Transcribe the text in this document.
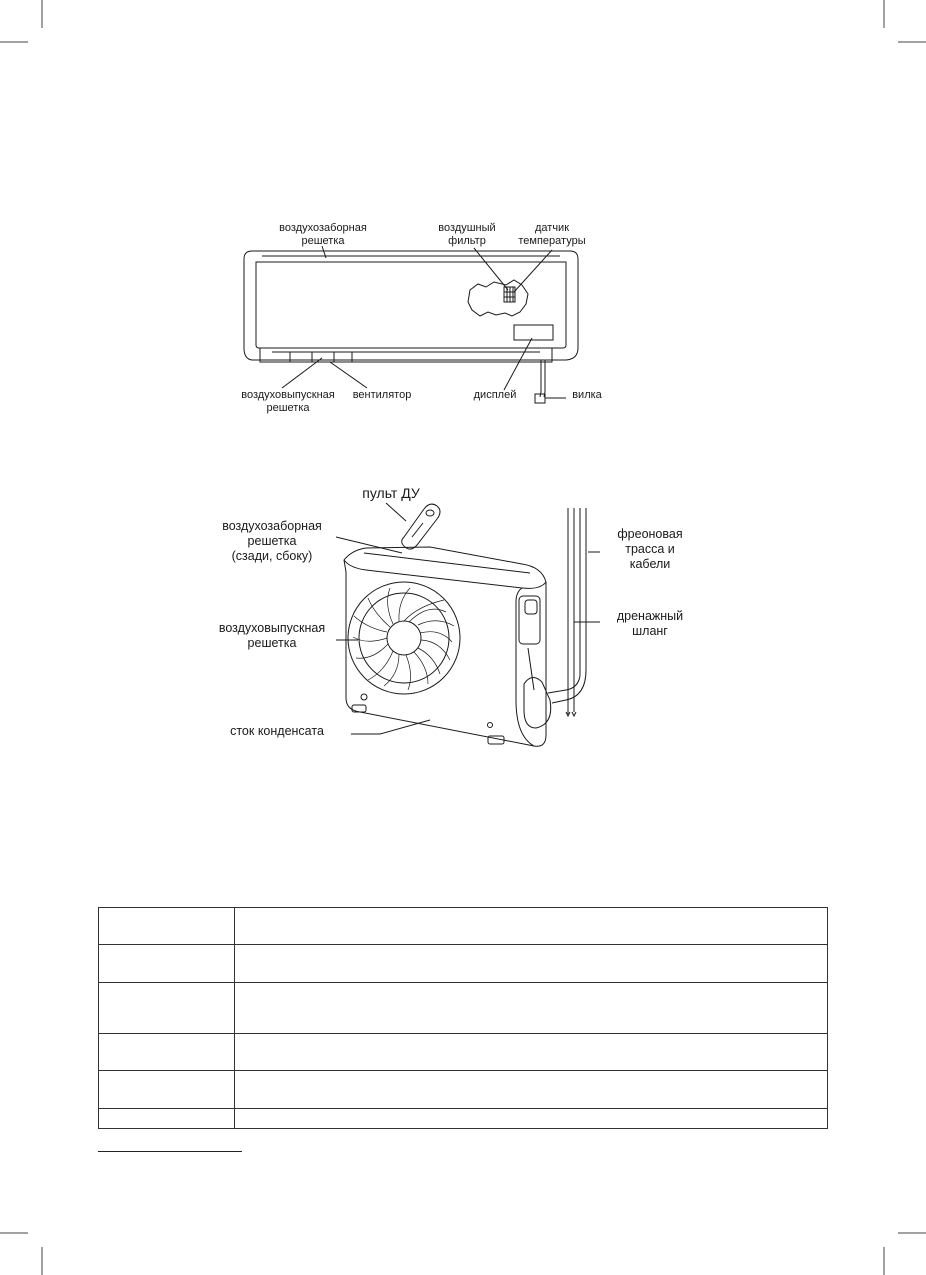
воздухозаборная
решетка
воздушный
фильтр
датчик
температуры
воздуховыпускная
решетка
вентилятор	дисплей	вилка
пульт ДУ
воздухозаборная
решетка
(сзади, сбоку)
воздуховыпускная
решетка
сток конденсата
фреоновая
трасса и
кабели
дренажный
шланг
